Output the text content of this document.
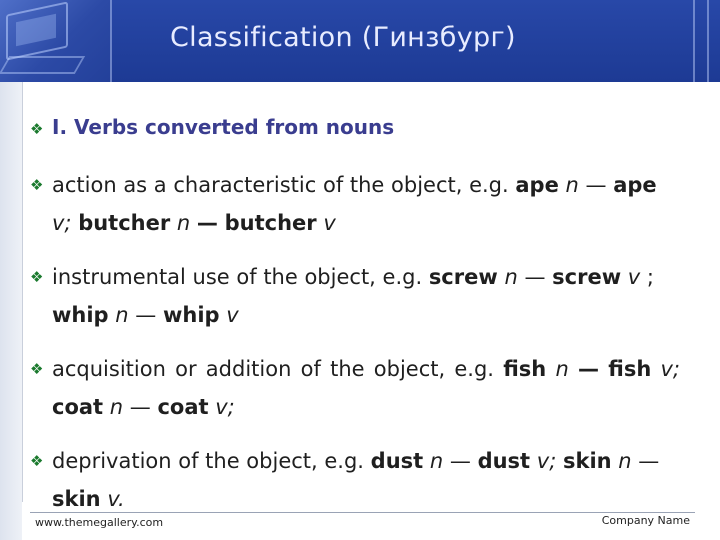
Classification (Гинзбург)
❖ I. Verbs converted from nouns
❖ action as a characteristic of the object, e.g. ape n — ape v; butcher n — butcher v
❖ instrumental use of the object, e.g. screw n — screw v ; whip n — whip v
❖ acquisition or addition of the object, e.g. fish n — fish v; coat n — coat v;
❖ deprivation of the object, e.g. dust n — dust v; skin n — skin v.
www.themegallery.com	Company Name
